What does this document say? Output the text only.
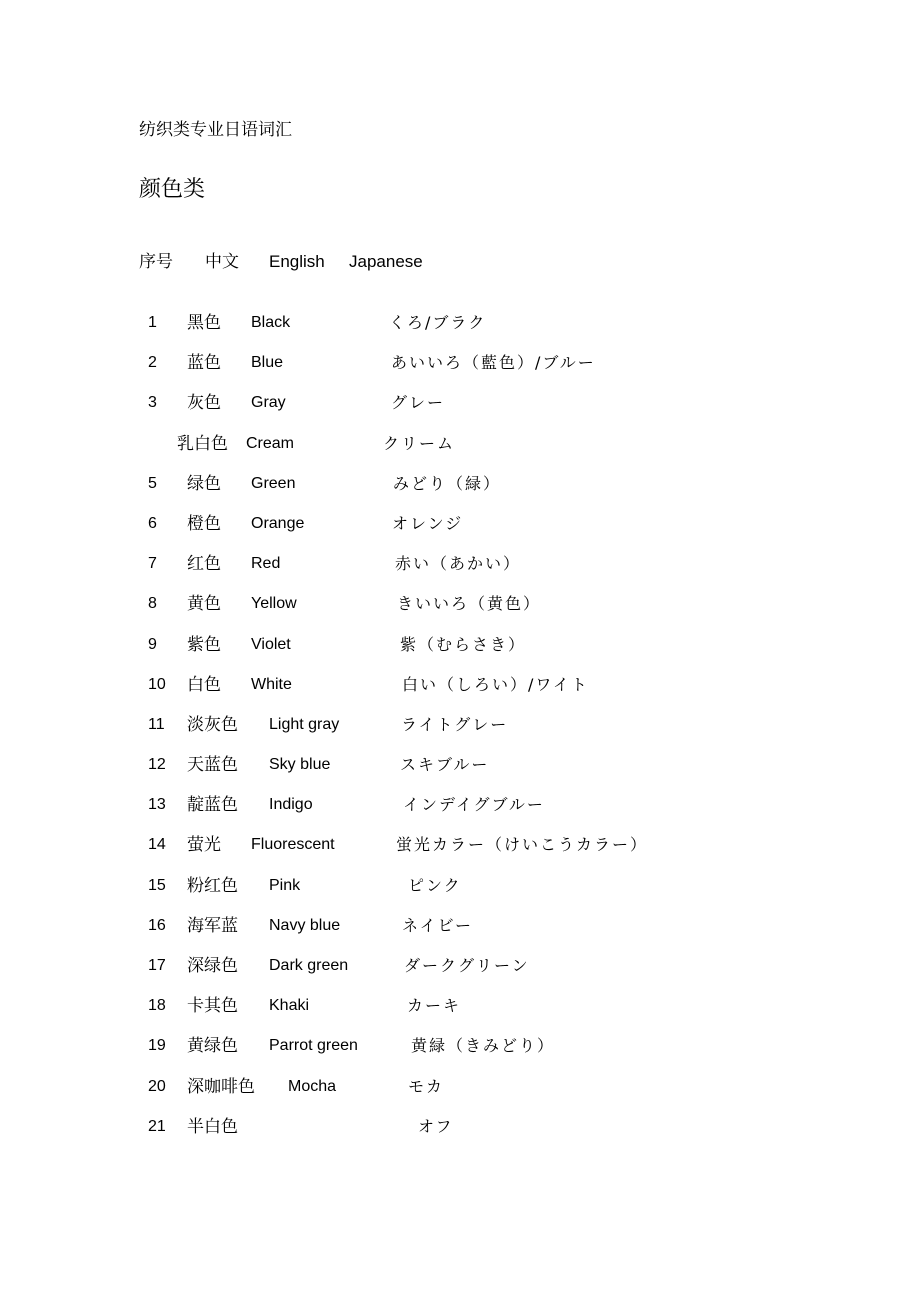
纺织类专业日语词汇
颜色类
序号 中文 English Japanese
1 黑色 Black	くろ/ブラク
2 蓝色 Blue	あいいろ（藍色）/ブルー
3 灰色 Gray	グレー
乳白色 Cream	クリーム
5 绿色 Green	みどり（緑）
6 橙色 Orange	オレンジ
7 红色 Red	赤い（あかい）
8 黄色 Yellow	きいいろ（黄色）
9 紫色 Violet	紫（むらさき）
10 白色 White	白い（しろい）/ワイト
11 淡灰色 Light gray	ライトグレー
12 天蓝色 Sky blue	スキブルー
13 靛蓝色 Indigo	インデイグブルー
14 萤光 Fluorescent	蛍光カラー（けいこうカラー）
15 粉红色 Pink	ピンク
16 海军蓝 Navy blue	ネイビー
17 深绿色 Dark green	ダークグリーン
18 卡其色 Khaki	カーキ
19 黄绿色 Parrot green	黄緑（きみどり）
20 深咖啡色 Mocha	モカ
21 半白色	オフ
